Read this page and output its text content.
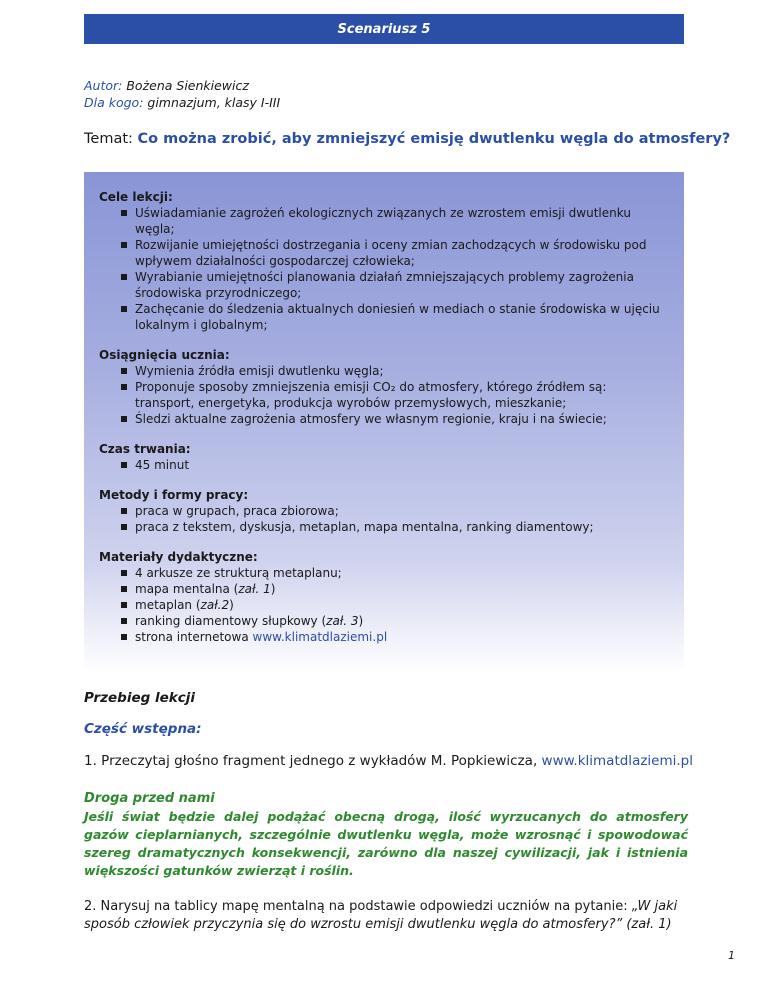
Scenariusz 5
Autor: Bożena Sienkiewicz
Dla kogo: gimnazjum, klasy I-III
Temat: Co można zrobić, aby zmniejszyć emisję dwutlenku węgla do atmosfery?

Cele lekcji:

Uświadamianie zagrożeń ekologicznych związanych ze wzrostem emisji dwutlenku węgla;
Rozwijanie umiejętności dostrzegania i oceny zmian zachodzących w środowisku pod wpływem działalności gospodarczej człowieka;
Wyrabianie umiejętności planowania działań zmniejszających problemy zagrożenia środowiska przyrodniczego;
Zachęcanie do śledzenia aktualnych doniesień w mediach o stanie środowiska w ujęciu lokalnym i globalnym;

Osiągnięcia ucznia:

Wymienia źródła emisji dwutlenku węgla;
Proponuje sposoby zmniejszenia emisji CO₂ do atmosfery, którego źródłem są: transport, energetyka, produkcja wyrobów przemysłowych, mieszkanie;
Śledzi aktualne zagrożenia atmosfery we własnym regionie, kraju i na świecie;

Czas trwania:

45 minut

Metody i formy pracy:

praca w grupach, praca zbiorowa;
praca z tekstem, dyskusja, metaplan, mapa mentalna, ranking diamentowy;

Materiały dydaktyczne:

4 arkusze ze strukturą metaplanu;
mapa mentalna (zał. 1)
metaplan (zał.2)
ranking diamentowy słupkowy (zał. 3)
strona internetowa www.klimatdlaziemi.pl
Przebieg lekcji
Część wstępna:
1. Przeczytaj głośno fragment jednego z wykładów M. Popkiewicza, www.klimatdlaziemi.pl
Droga przed nami
Jeśli świat będzie dalej podążać obecną drogą, ilość wyrzucanych do atmosfery gazów cieplarnianych, szczególnie dwutlenku węgla, może wzrosnąć i spowodować szereg dramatycznych konsekwencji, zarówno dla naszej cywilizacji, jak i istnienia większości gatunków zwierząt i roślin.
2. Narysuj na tablicy mapę mentalną na podstawie odpowiedzi uczniów na pytanie: „W jaki sposób człowiek przyczynia się do wzrostu emisji dwutlenku węgla do atmosfery?” (zał. 1)
1
